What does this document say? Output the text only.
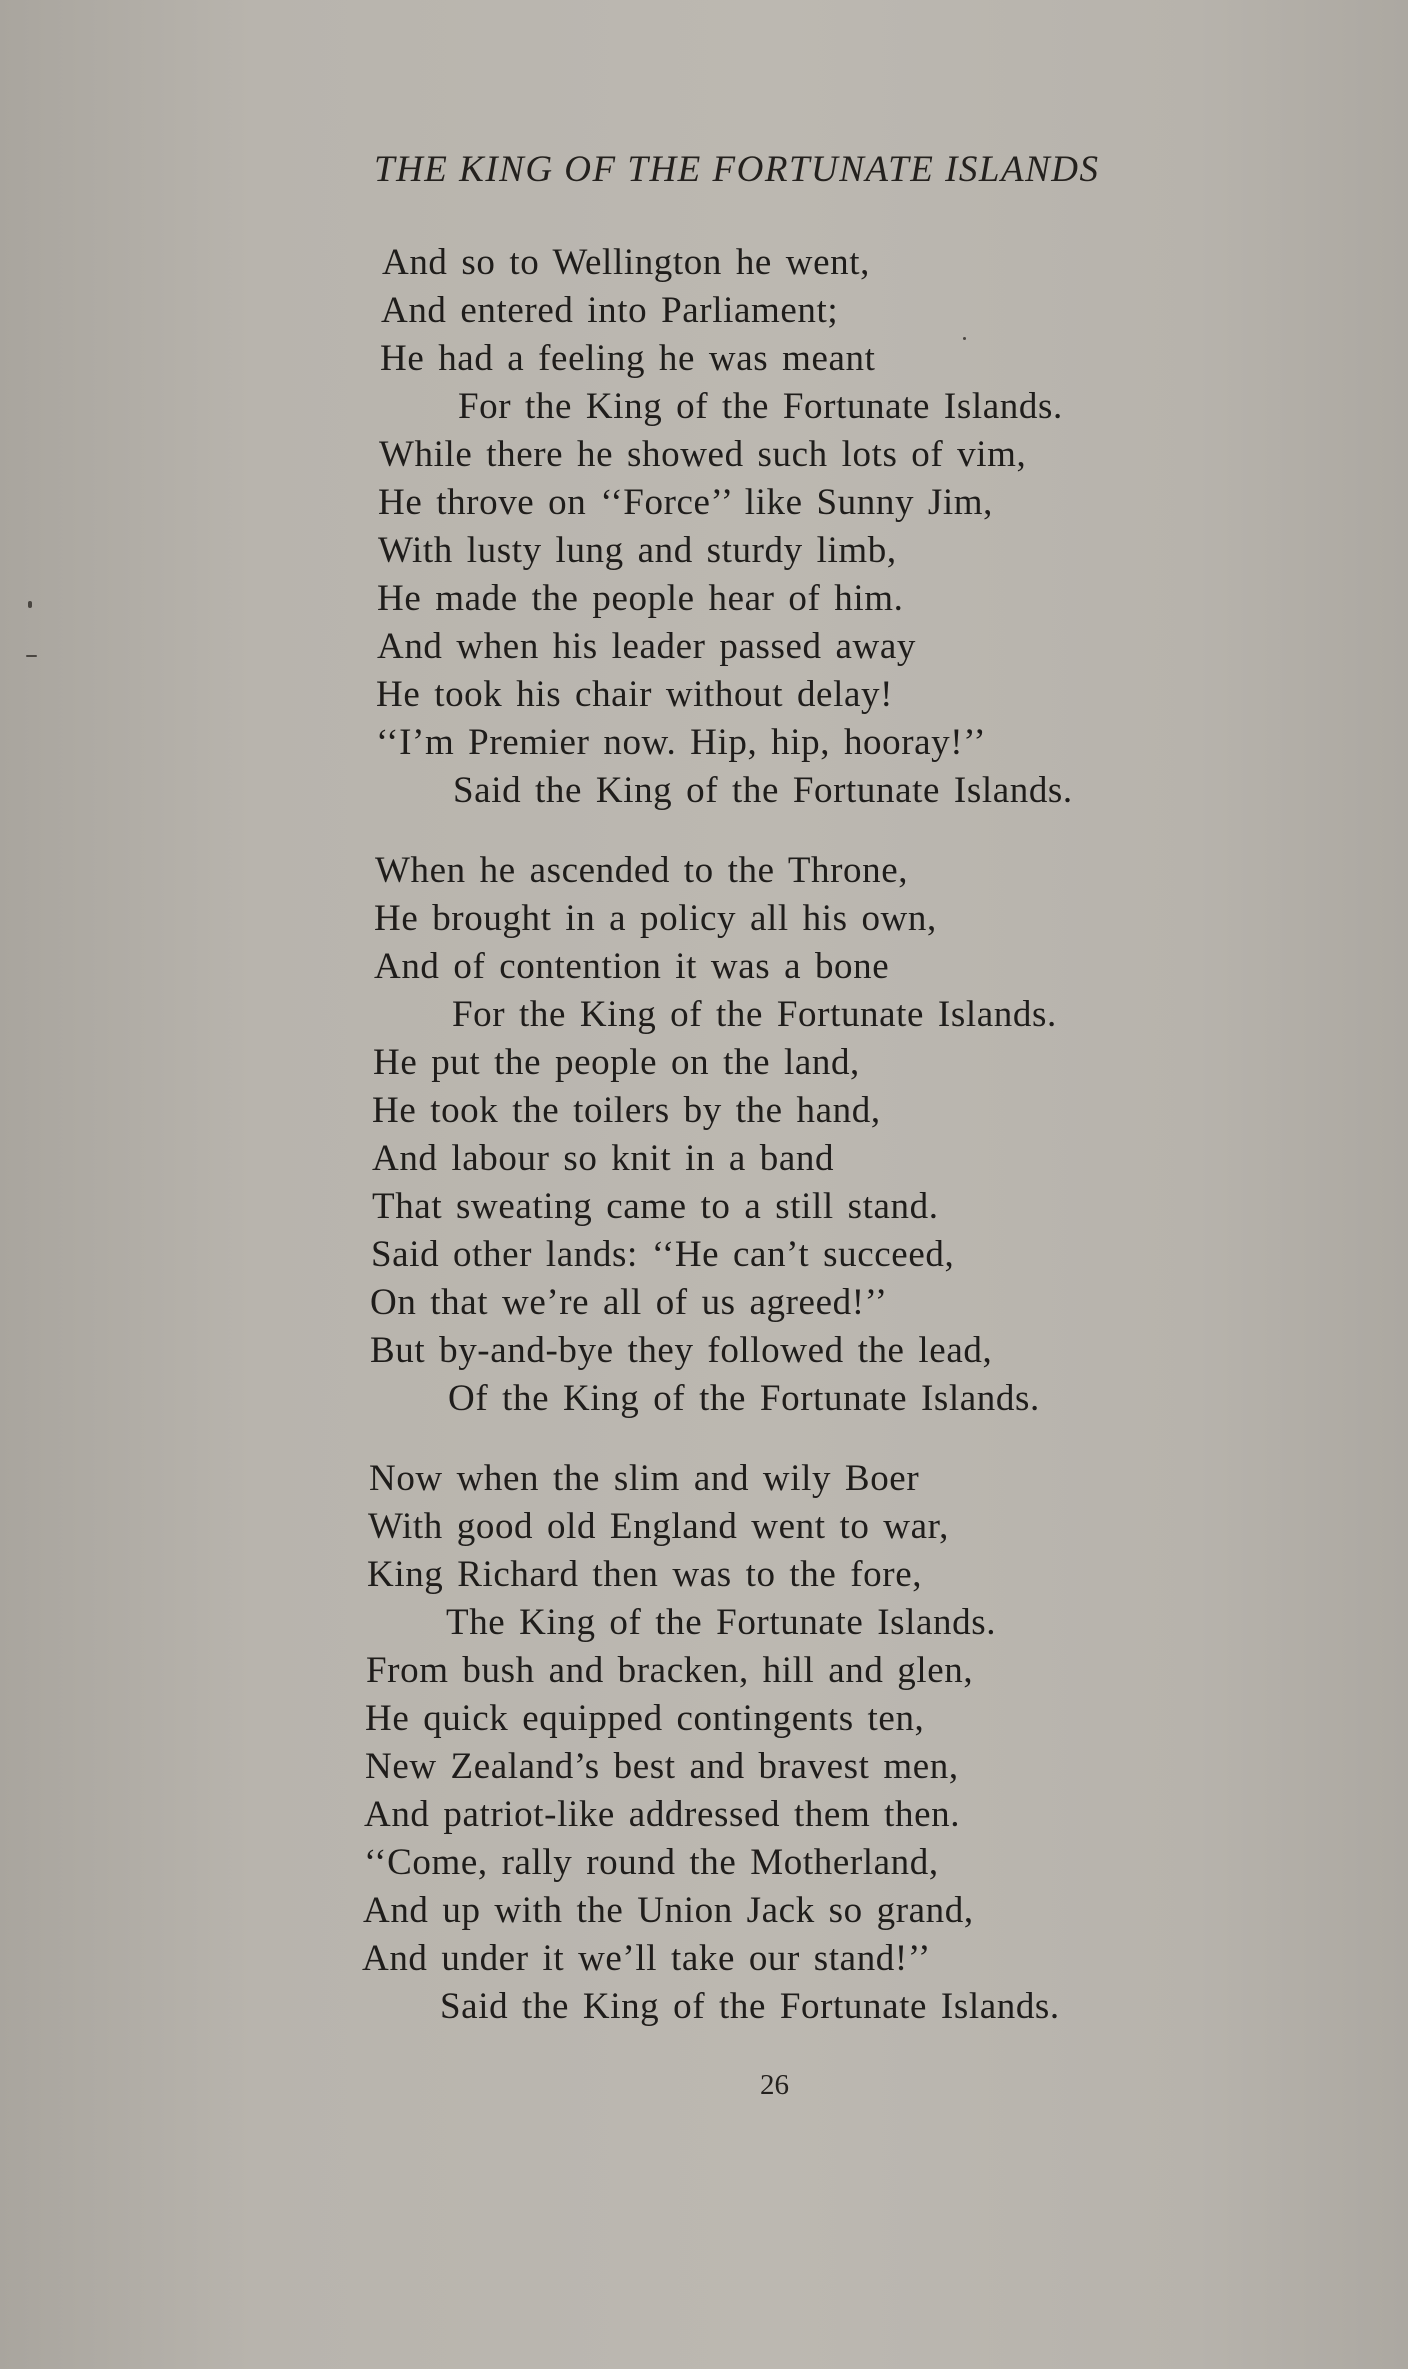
THE KING OF THE FORTUNATE ISLANDS
And so to Wellington he went,
And entered into Parliament;
He had a feeling he was meant
For the King of the Fortunate Islands.
While there he showed such lots of vim,
He throve on ‘‘Force’’ like Sunny Jim,
With lusty lung and sturdy limb,
He made the people hear of him.
And when his leader passed away
He took his chair without delay!
‘‘I’m Premier now. Hip, hip, hooray!’’
Said the King of the Fortunate Islands.
When he ascended to the Throne,
He brought in a policy all his own,
And of contention it was a bone
For the King of the Fortunate Islands.
He put the people on the land,
He took the toilers by the hand,
And labour so knit in a band
That sweating came to a still stand.
Said other lands: ‘‘He can’t succeed,
On that we’re all of us agreed!’’
But by-and-bye they followed the lead,
Of the King of the Fortunate Islands.
Now when the slim and wily Boer
With good old England went to war,
King Richard then was to the fore,
The King of the Fortunate Islands.
From bush and bracken, hill and glen,
He quick equipped contingents ten,
New Zealand’s best and bravest men,
And patriot-like addressed them then.
‘‘Come, rally round the Motherland,
And up with the Union Jack so grand,
And under it we’ll take our stand!’’
Said the King of the Fortunate Islands.
26
